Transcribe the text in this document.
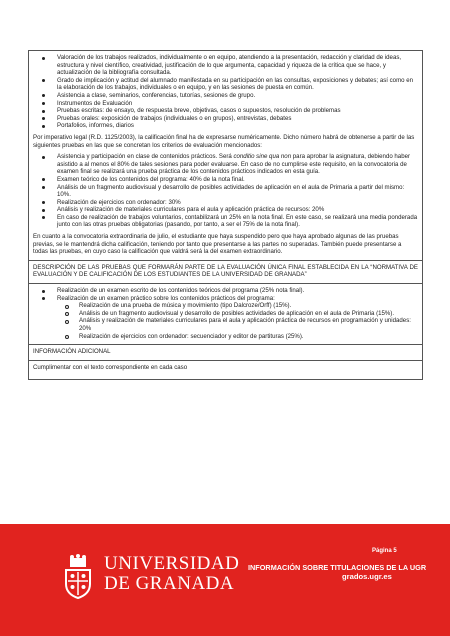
Valoración de los trabajos realizados, individualmente o en equipo, atendiendo a la presentación, redacción y claridad de ideas, estructura y nivel científico, creatividad, justificación de lo que argumenta, capacidad y riqueza de la crítica que se hace, y actualización de la bibliografía consultada.
Grado de implicación y actitud del alumnado manifestada en su participación en las consultas, exposiciones y debates; así como en la elaboración de los trabajos, individuales o en equipo, y en las sesiones de puesta en común.
Asistencia a clase, seminarios, conferencias, tutorías, sesiones de grupo.
Instrumentos de Evaluación
Pruebas escritas: de ensayo, de respuesta breve, objetivas, casos o supuestos, resolución de problemas
Pruebas orales: exposición de trabajos (individuales o en grupos), entrevistas, debates
Portafolios, informes, diarios

Por imperativo legal (R.D. 1125/2003), la calificación final ha de expresarse numéricamente. Dicho número habrá de obtenerse a partir de las siguientes pruebas en las que se concretan los criterios de evaluación mencionados:

Asistencia y participación en clase de contenidos prácticos. Será conditio sine qua non para aprobar la asignatura, debiendo haber asistido a al menos el 80% de tales sesiones para poder evaluarse. En caso de no cumplirse este requisito, en la convocatoria de examen final se realizará una prueba práctica de los contenidos prácticos indicados en esta guía.
Examen teórico de los contenidos del programa: 40% de la nota final.
Análisis de un fragmento audiovisual y desarrollo de posibles actividades de aplicación en el aula de Primaria a partir del mismo: 10%.
Realización de ejercicios con ordenador: 30%
Análisis y realización de materiales curriculares para el aula y aplicación práctica de recursos: 20%
En caso de realización de trabajos voluntarios, contabilizará un 25% en la nota final. En este caso, se realizará una media ponderada junto con las otras pruebas obligatorias (pasando, por tanto, a ser el 75% de la nota final).

En cuanto a la convocatoria extraordinaria de julio, el estudiante que haya suspendido pero que haya aprobado algunas de las pruebas previas, se le mantendrá dicha calificación, teniendo por tanto que presentarse a las partes no superadas. También puede presentarse a todas las pruebas, en cuyo caso la calificación que valdrá será la del examen extraordinario.

DESCRIPCIÓN DE LAS PRUEBAS QUE FORMARÁN PARTE DE LA EVALUACIÓN ÚNICA FINAL ESTABLECIDA EN LA “NORMATIVA DE EVALUACIÓN Y DE CALIFICACIÓN DE LOS ESTUDIANTES DE LA UNIVERSIDAD DE GRANADA”

Realización de un examen escrito de los contenidos teóricos del programa (25% nota final).
Realización de un examen práctico sobre los contenidos prácticos del programa:
Realización de una prueba de música y movimiento (tipo Dalcroze/Orff) (15%).
Análisis de un fragmento audiovisual y desarrollo de posibles actividades de aplicación en el aula de Primaria (15%).
Análisis y realización de materiales curriculares para el aula y aplicación práctica de recursos en programación y unidades: 20%
Realización de ejercicios con ordenador: secuenciador y editor de partituras (25%).

INFORMACIÓN ADICIONAL

Cumplimentar con el texto correspondiente en cada caso

UNIVERSIDAD
DE GRANADA
Página 5
INFORMACIÓN SOBRE TITULACIONES DE LA UGR
grados.ugr.es
